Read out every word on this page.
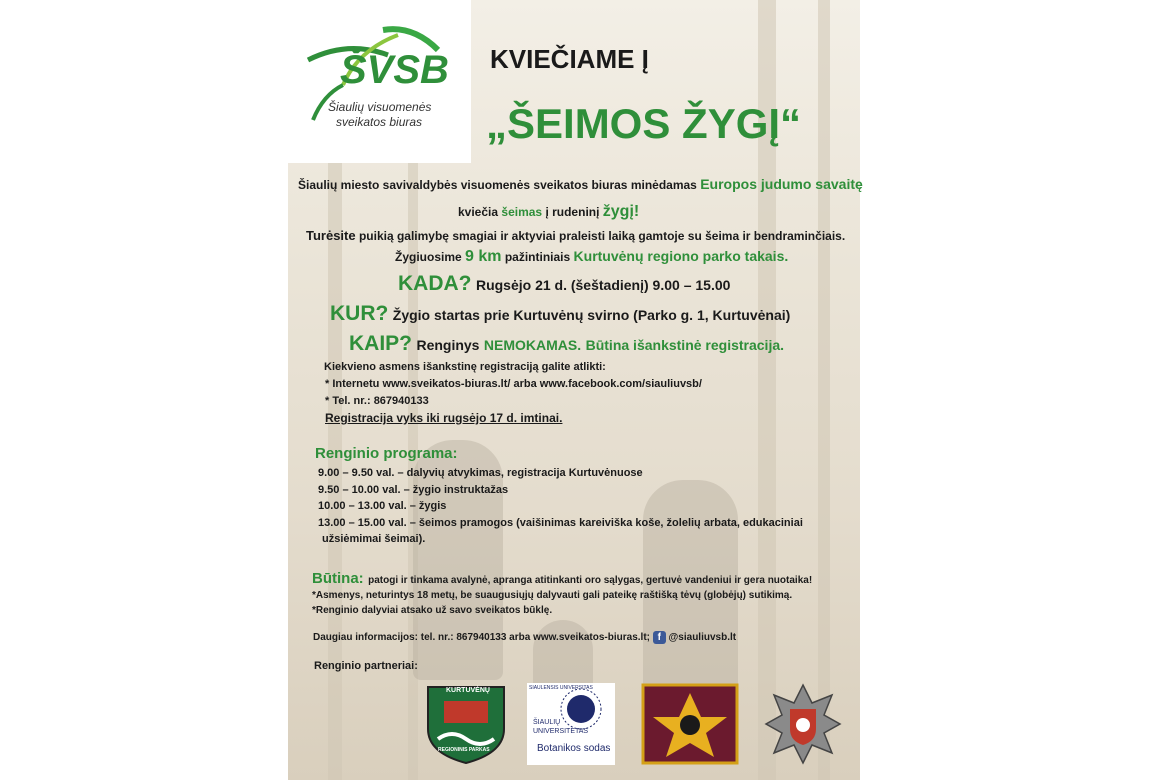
ŠVSB
Šiaulių visuomenės
sveikatos biuras
KVIEČIAME Į
„ŠEIMOS ŽYGĮ“
Šiaulių miesto savivaldybės visuomenės sveikatos biuras minėdamas Europos judumo savaitę
kviečia šeimas į rudeninį žygį!
Turėsite puikią galimybę smagiai ir aktyviai praleisti laiką gamtoje su šeima ir bendraminčiais.
Žygiuosime 9 km pažintiniais Kurtuvėnų regiono parko takais.
KADA? Rugsėjo 21 d. (šeštadienį) 9.00 – 15.00
KUR? Žygio startas prie Kurtuvėnų svirno (Parko g. 1, Kurtuvėnai)
KAIP? Renginys NEMOKAMAS. Būtina išankstinė registracija.
Kiekvieno asmens išankstinę registraciją galite atlikti:
* Internetu www.sveikatos-biuras.lt/ arba www.facebook.com/siauliuvsb/
* Tel. nr.: 867940133
Registracija vyks iki rugsėjo 17 d. imtinai.
Renginio programa:
9.00 – 9.50 val. – dalyvių atvykimas, registracija Kurtuvėnuose
9.50 – 10.00 val. – žygio instruktažas
10.00 – 13.00 val. – žygis
13.00 – 15.00 val. – šeimos pramogos (vaišinimas kareiviška koše, žolelių arbata, edukaciniai
užsiėmimai šeimai).
Būtina: patogi ir tinkama avalynė, apranga atitinkanti oro sąlygas, gertuvė vandeniui ir gera nuotaika!
*Asmenys, neturintys 18 metų, be suaugusiųjų dalyvauti gali pateikę raštišką tėvų (globėjų) sutikimą.
*Renginio dalyviai atsako už savo sveikatos būklę.
Daugiau informacijos: tel. nr.: 867940133 arba www.sveikatos-biuras.lt; f @siauliuvsb.lt
Renginio partneriai:
KURTUVĖNŲ
REGIONINIS PARKAS
SIAULENSIS UNIVERSITAS
ŠIAULIŲ
UNIVERSITETAS
Botanikos sodas
